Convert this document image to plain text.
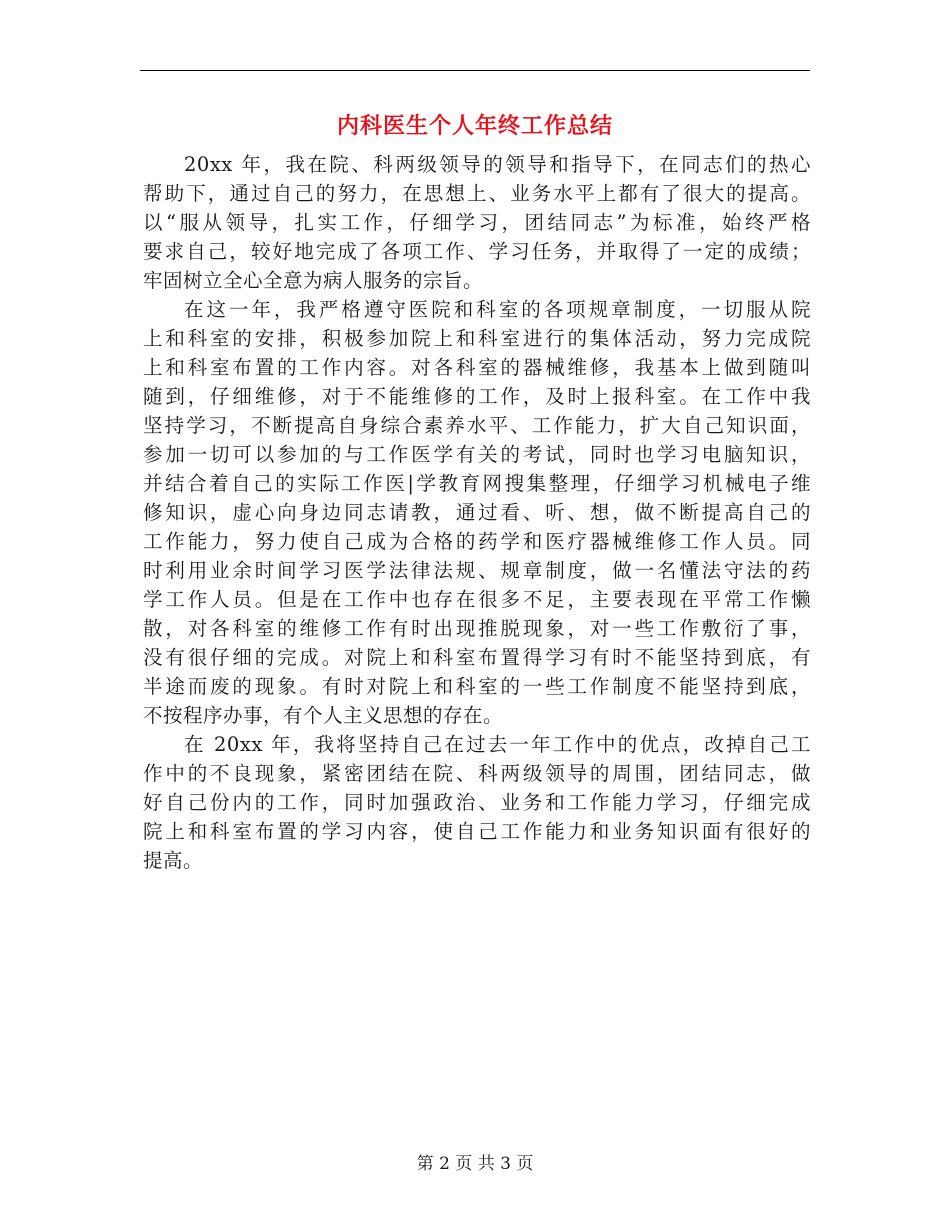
内科医生个人年终工作总结
20xx 年，我在院、科两级领导的领导和指导下，在同志们的热心
帮助下，通过自己的努力，在思想上、业务水平上都有了很大的提高。
以“服从领导，扎实工作，仔细学习，团结同志”为标准，始终严格
要求自己，较好地完成了各项工作、学习任务，并取得了一定的成绩；
牢固树立全心全意为病人服务的宗旨。
在这一年，我严格遵守医院和科室的各项规章制度，一切服从院
上和科室的安排，积极参加院上和科室进行的集体活动，努力完成院
上和科室布置的工作内容。对各科室的器械维修，我基本上做到随叫
随到，仔细维修，对于不能维修的工作，及时上报科室。在工作中我
坚持学习，不断提高自身综合素养水平、工作能力，扩大自己知识面，
参加一切可以参加的与工作医学有关的考试，同时也学习电脑知识，
并结合着自己的实际工作医|学教育网搜集整理，仔细学习机械电子维
修知识，虚心向身边同志请教，通过看、听、想，做不断提高自己的
工作能力，努力使自己成为合格的药学和医疗器械维修工作人员。同
时利用业余时间学习医学法律法规、规章制度，做一名懂法守法的药
学工作人员。但是在工作中也存在很多不足，主要表现在平常工作懒
散，对各科室的维修工作有时出现推脱现象，对一些工作敷衍了事，
没有很仔细的完成。对院上和科室布置得学习有时不能坚持到底，有
半途而废的现象。有时对院上和科室的一些工作制度不能坚持到底，
不按程序办事，有个人主义思想的存在。
在 20xx 年，我将坚持自己在过去一年工作中的优点，改掉自己工
作中的不良现象，紧密团结在院、科两级领导的周围，团结同志，做
好自己份内的工作，同时加强政治、业务和工作能力学习，仔细完成
院上和科室布置的学习内容，使自己工作能力和业务知识面有很好的
提高。
第 2 页 共 3 页
